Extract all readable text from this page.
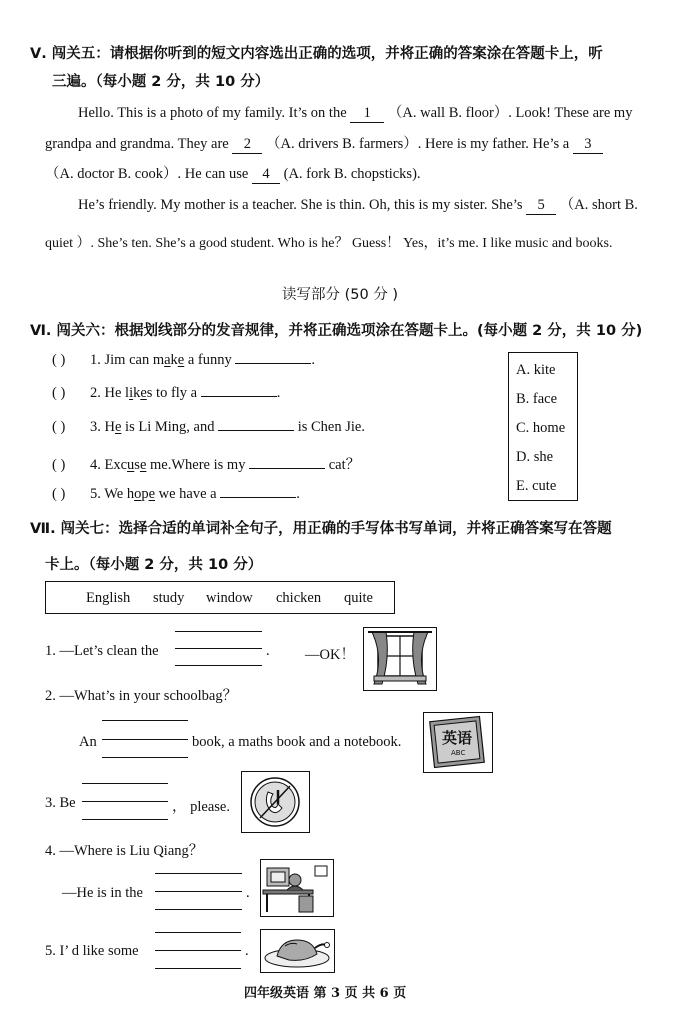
Ⅴ. 闯关五：请根据你听到的短文内容选出正确的选项，并将正确的答案涂在答题卡上，听
三遍。（每小题 2 分，共 10 分）
Hello. This is a photo of my family. It’s on the 1 （A. wall B. floor）. Look! These are my
grandpa and grandma. They are 2 （A. drivers B. farmers）. Here is my father. He’s a 3
（A. doctor B. cook）. He can use 4 (A. fork B. chopsticks).
He’s friendly. My mother is a teacher. She is thin. Oh, this is my sister. She’s 5 （A. short B.
quiet ）. She’s ten. She’s a good student. Who is he？ Guess！ Yes，it’s me. I like music and books.
读写部分 (50 分 )
Ⅵ. 闯关六：根据划线部分的发音规律，并将正确选项涂在答题卡上。(每小题 2 分，共 10 分)
( ) 1. Jim can make a funny	.
( ) 2. He likes to fly a	.
( ) 3. He is Li Ming, and	is Chen Jie.
( ) 4. Excuse me.Where is my	cat？
( ) 5. We hope we have a	.
A. kite
B. face
C. home
D. she
E. cute
Ⅶ. 闯关七：选择合适的单词补全句子，用正确的手写体书写单词，并将正确答案写在答题
卡上。（每小题 2 分，共 10 分）
English study window chicken quite
1. —Let’s clean the	. —OK！
2. —What’s in your schoolbag？
An	book, a maths book and a notebook.	英语
ABC
3. Be	， please.
4. —Where is Liu Qiang？
—He is in the	.
5. I’ d like some	.
四年级英语 第 3 页 共 6 页
